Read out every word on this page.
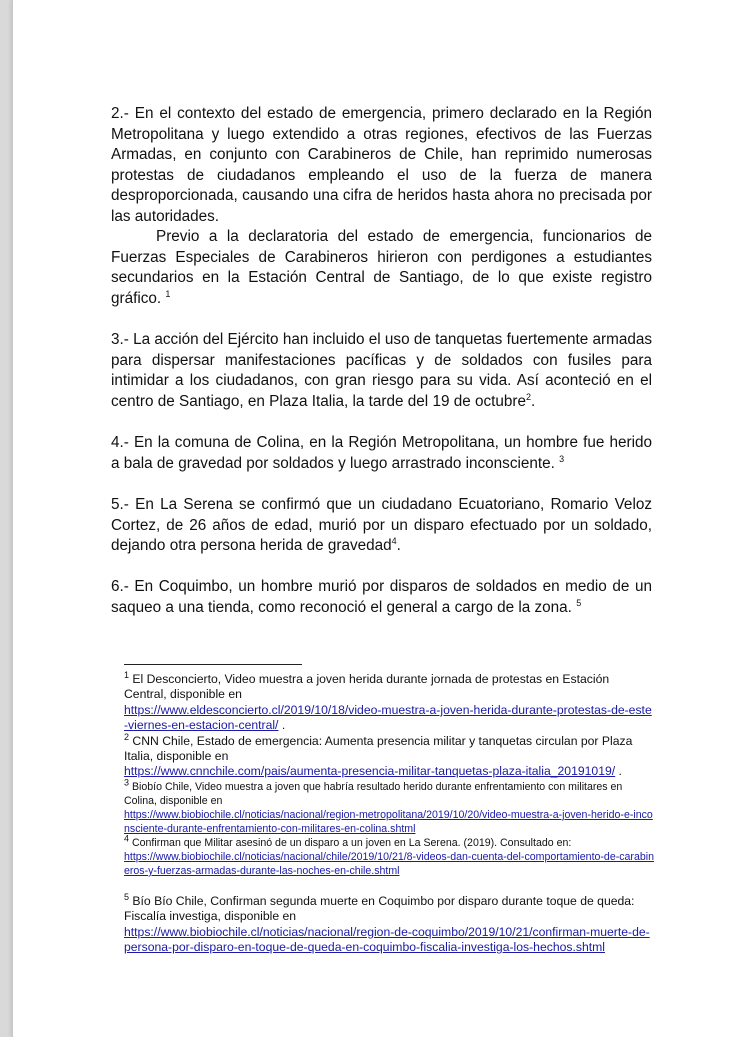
2.- En el contexto del estado de emergencia, primero declarado en la Región Metropolitana y luego extendido a otras regiones, efectivos de las Fuerzas Armadas, en conjunto con Carabineros de Chile, han reprimido numerosas protestas de ciudadanos empleando el uso de la fuerza de manera desproporcionada, causando una cifra de heridos hasta ahora no precisada por las autoridades.

Previo a la declaratoria del estado de emergencia, funcionarios de Fuerzas Especiales de Carabineros hirieron con perdigones a estudiantes secundarios en la Estación Central de Santiago, de lo que existe registro gráfico. $^1$

3.- La acción del Ejército han incluido el uso de tanquetas fuertemente armadas para dispersar manifestaciones pacíficas y de soldados con fusiles para intimidar a los ciudadanos, con gran riesgo para su vida. Así aconteció en el centro de Santiago, en Plaza Italia, la tarde del 19 de octubre$^2$.

4.- En la comuna de Colina, en la Región Metropolitana, un hombre fue herido a bala de gravedad por soldados y luego arrastrado inconsciente. $^3$

5.- En La Serena se confirmó que un ciudadano Ecuatoriano, Romario Veloz Cortez, de 26 años de edad, murió por un disparo efectuado por un soldado, dejando otra persona herida de gravedad$^4$.

6.- En Coquimbo, un hombre murió por disparos de soldados en medio de un saqueo a una tienda, como reconoció el general a cargo de la zona. $^5$

$^1$ El Desconcierto, Video muestra a joven herida durante jornada de protestas en Estación Central, disponible en
https://www.eldesconcierto.cl/2019/10/18/video-muestra-a-joven-herida-durante-protestas-de-este-viernes-en-estacion-central/ .

$^2$ CNN Chile, Estado de emergencia: Aumenta presencia militar y tanquetas circulan por Plaza Italia, disponible en
https://www.cnnchile.com/pais/aumenta-presencia-militar-tanquetas-plaza-italia_20191019/ .

$^3$ Biobío Chile, Video muestra a joven que habría resultado herido durante enfrentamiento con militares en Colina, disponible en
https://www.biobiochile.cl/noticias/nacional/region-metropolitana/2019/10/20/video-muestra-a-joven-herido-e-inconsciente-durante-enfrentamiento-con-militares-en-colina.shtml

$^4$ Confirman que Militar asesinó de un disparo a un joven en La Serena. (2019). Consultado en:
https://www.biobiochile.cl/noticias/nacional/chile/2019/10/21/8-videos-dan-cuenta-del-comportamiento-de-carabineros-y-fuerzas-armadas-durante-las-noches-en-chile.shtml

$^5$ Bío Bío Chile, Confirman segunda muerte en Coquimbo por disparo durante toque de queda: Fiscalía investiga, disponible en
https://www.biobiochile.cl/noticias/nacional/region-de-coquimbo/2019/10/21/confirman-muerte-de-persona-por-disparo-en-toque-de-queda-en-coquimbo-fiscalia-investiga-los-hechos.shtml
